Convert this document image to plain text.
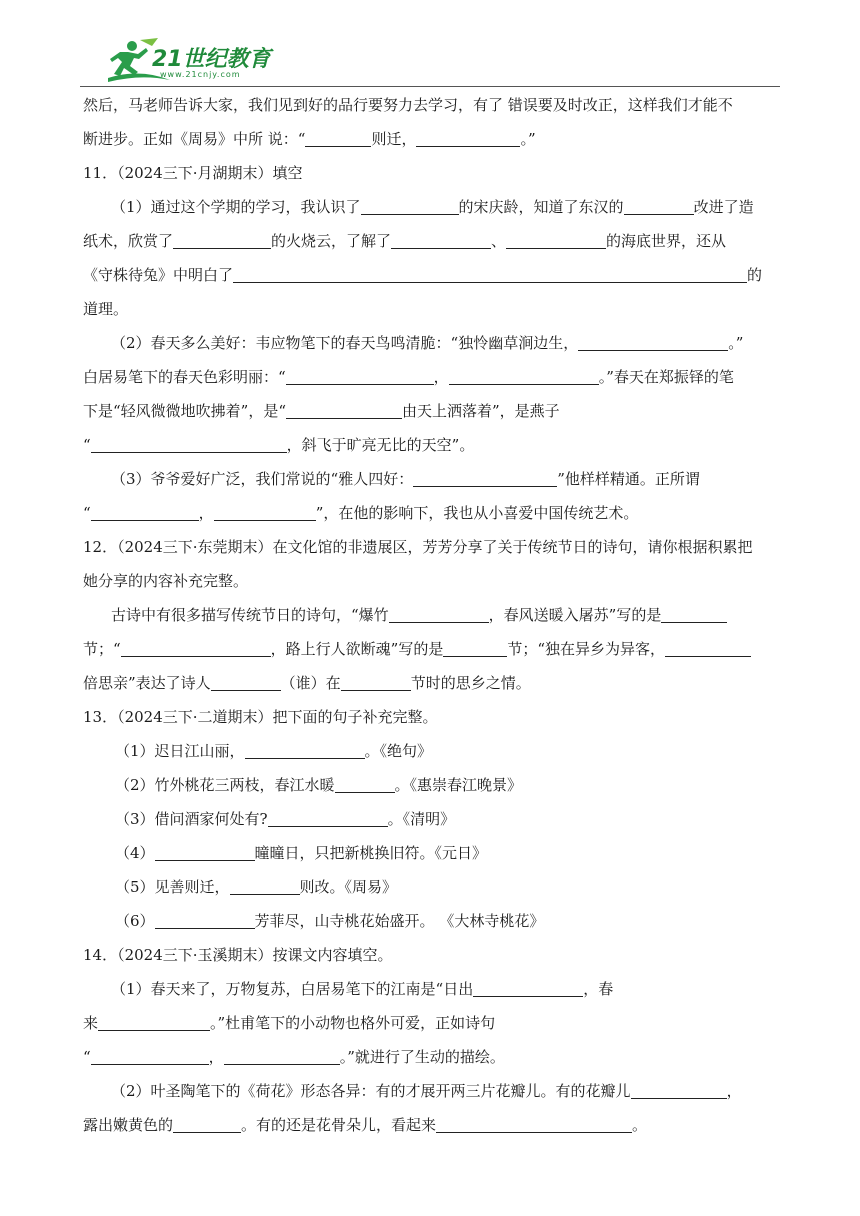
21世纪教育
www.21cnjy.com

然后，马老师告诉大家，我们见到好的品行要努力去学习，有了 错误要及时改正，这样我们才能不

断进步。正如《周易》中所 说：“	则迁，	。”

11．（2024三下·月湖期末）填空

（1）通过这个学期的学习，我认识了	的宋庆龄，知道了东汉的	改进了造

纸术，欣赏了	的火烧云，了解了	、	的海底世界，还从

《守株待兔》中明白了	的

道理。

（2）春天多么美好：韦应物笔下的春天鸟鸣清脆：“独怜幽草涧边生，	。”

白居易笔下的春天色彩明丽：“	，	。”春天在郑振铎的笔

下是“轻风微微地吹拂着”，是“	由天上洒落着”，是燕子

“	，斜飞于旷亮无比的天空”。

（3）爷爷爱好广泛，我们常说的“雅人四好：	”他样样精通。正所谓

“	，	”，在他的影响下，我也从小喜爱中国传统艺术。

12．（2024三下·东莞期末）在文化馆的非遗展区，芳芳分享了关于传统节日的诗句，请你根据积累把

她分享的内容补充完整。

古诗中有很多描写传统节日的诗句，“爆竹	，春风送暖入屠苏”写的是

节；“	，路上行人欲断魂”写的是	节；“独在异乡为异客，

倍思亲”表达了诗人	（谁）在	节时的思乡之情。

13．（2024三下·二道期末）把下面的句子补充完整。

（1）迟日江山丽，	。《绝句》

（2）竹外桃花三两枝，春江水暖	。《惠崇春江晚景》

（3）借问酒家何处有?	。《清明》

（4）	曈曈日，只把新桃换旧符。《元日》

（5）见善则迁，	则改。《周易》

（6）	芳菲尽，山寺桃花始盛开。 《大林寺桃花》

14．（2024三下·玉溪期末）按课文内容填空。

（1）春天来了，万物复苏，白居易笔下的江南是“日出	，春

来	。”杜甫笔下的小动物也格外可爱，正如诗句

“	，	。”就进行了生动的描绘。

（2）叶圣陶笔下的《荷花》形态各异：有的才展开两三片花瓣儿。有的花瓣儿	，

露出嫩黄色的	。有的还是花骨朵儿，看起来	。
